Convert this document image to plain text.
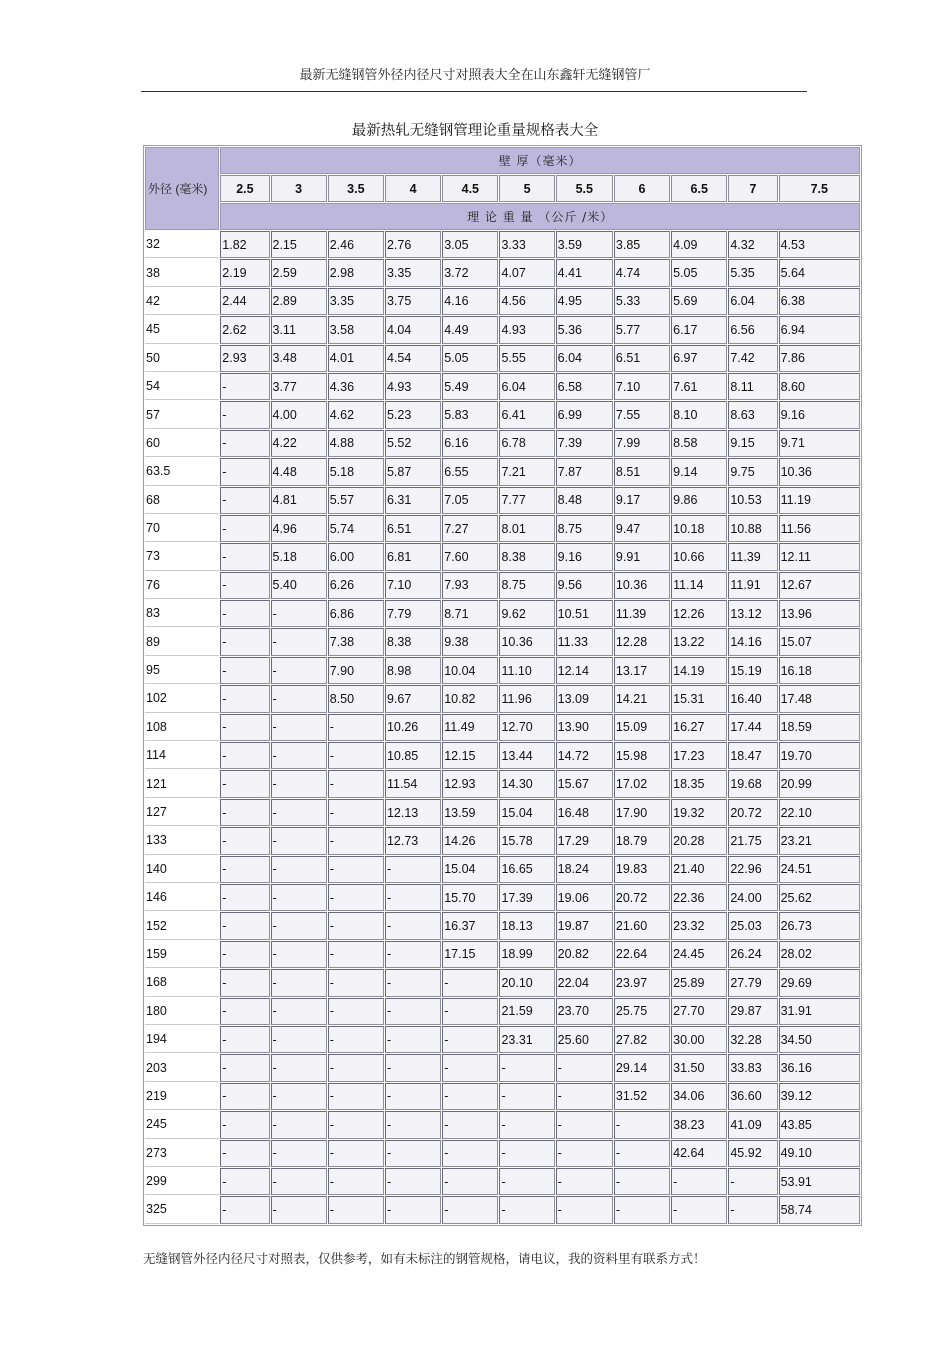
最新无缝钢管外径内径尺寸对照表大全在山东鑫轩无缝钢管厂
最新热轧无缝钢管理论重量规格表大全
外径 (毫米)	壁 厚（毫米）										
	2.5	3	3.5	4	4.5	5	5.5	6	6.5	7	7.5
	理 论 重 量 （公斤 /米）										
32	1.82	2.15	2.46	2.76	3.05	3.33	3.59	3.85	4.09	4.32	4.53
38	2.19	2.59	2.98	3.35	3.72	4.07	4.41	4.74	5.05	5.35	5.64
42	2.44	2.89	3.35	3.75	4.16	4.56	4.95	5.33	5.69	6.04	6.38
45	2.62	3.11	3.58	4.04	4.49	4.93	5.36	5.77	6.17	6.56	6.94
50	2.93	3.48	4.01	4.54	5.05	5.55	6.04	6.51	6.97	7.42	7.86
54	-	3.77	4.36	4.93	5.49	6.04	6.58	7.10	7.61	8.11	8.60
57	-	4.00	4.62	5.23	5.83	6.41	6.99	7.55	8.10	8.63	9.16
60	-	4.22	4.88	5.52	6.16	6.78	7.39	7.99	8.58	9.15	9.71
63.5	-	4.48	5.18	5.87	6.55	7.21	7.87	8.51	9.14	9.75	10.36
68	-	4.81	5.57	6.31	7.05	7.77	8.48	9.17	9.86	10.53	11.19
70	-	4.96	5.74	6.51	7.27	8.01	8.75	9.47	10.18	10.88	11.56
73	-	5.18	6.00	6.81	7.60	8.38	9.16	9.91	10.66	11.39	12.11
76	-	5.40	6.26	7.10	7.93	8.75	9.56	10.36	11.14	11.91	12.67
83	-	-	6.86	7.79	8.71	9.62	10.51	11.39	12.26	13.12	13.96
89	-	-	7.38	8.38	9.38	10.36	11.33	12.28	13.22	14.16	15.07
95	-	-	7.90	8.98	10.04	11.10	12.14	13.17	14.19	15.19	16.18
102	-	-	8.50	9.67	10.82	11.96	13.09	14.21	15.31	16.40	17.48
108	-	-	-	10.26	11.49	12.70	13.90	15.09	16.27	17.44	18.59
114	-	-	-	10.85	12.15	13.44	14.72	15.98	17.23	18.47	19.70
121	-	-	-	11.54	12.93	14.30	15.67	17.02	18.35	19.68	20.99
127	-	-	-	12.13	13.59	15.04	16.48	17.90	19.32	20.72	22.10
133	-	-	-	12.73	14.26	15.78	17.29	18.79	20.28	21.75	23.21
140	-	-	-	-	15.04	16.65	18.24	19.83	21.40	22.96	24.51
146	-	-	-	-	15.70	17.39	19.06	20.72	22.36	24.00	25.62
152	-	-	-	-	16.37	18.13	19.87	21.60	23.32	25.03	26.73
159	-	-	-	-	17.15	18.99	20.82	22.64	24.45	26.24	28.02
168	-	-	-	-	-	20.10	22.04	23.97	25.89	27.79	29.69
180	-	-	-	-	-	21.59	23.70	25.75	27.70	29.87	31.91
194	-	-	-	-	-	23.31	25.60	27.82	30.00	32.28	34.50
203	-	-	-	-	-	-	-	29.14	31.50	33.83	36.16
219	-	-	-	-	-	-	-	31.52	34.06	36.60	39.12
245	-	-	-	-	-	-	-	-	38.23	41.09	43.85
273	-	-	-	-	-	-	-	-	42.64	45.92	49.10
299	-	-	-	-	-	-	-	-	-	-	53.91
325	-	-	-	-	-	-	-	-	-	-	58.74
无缝钢管外径内径尺寸对照表，仅供参考，如有未标注的钢管规格，请电议，我的资料里有联系方式！
